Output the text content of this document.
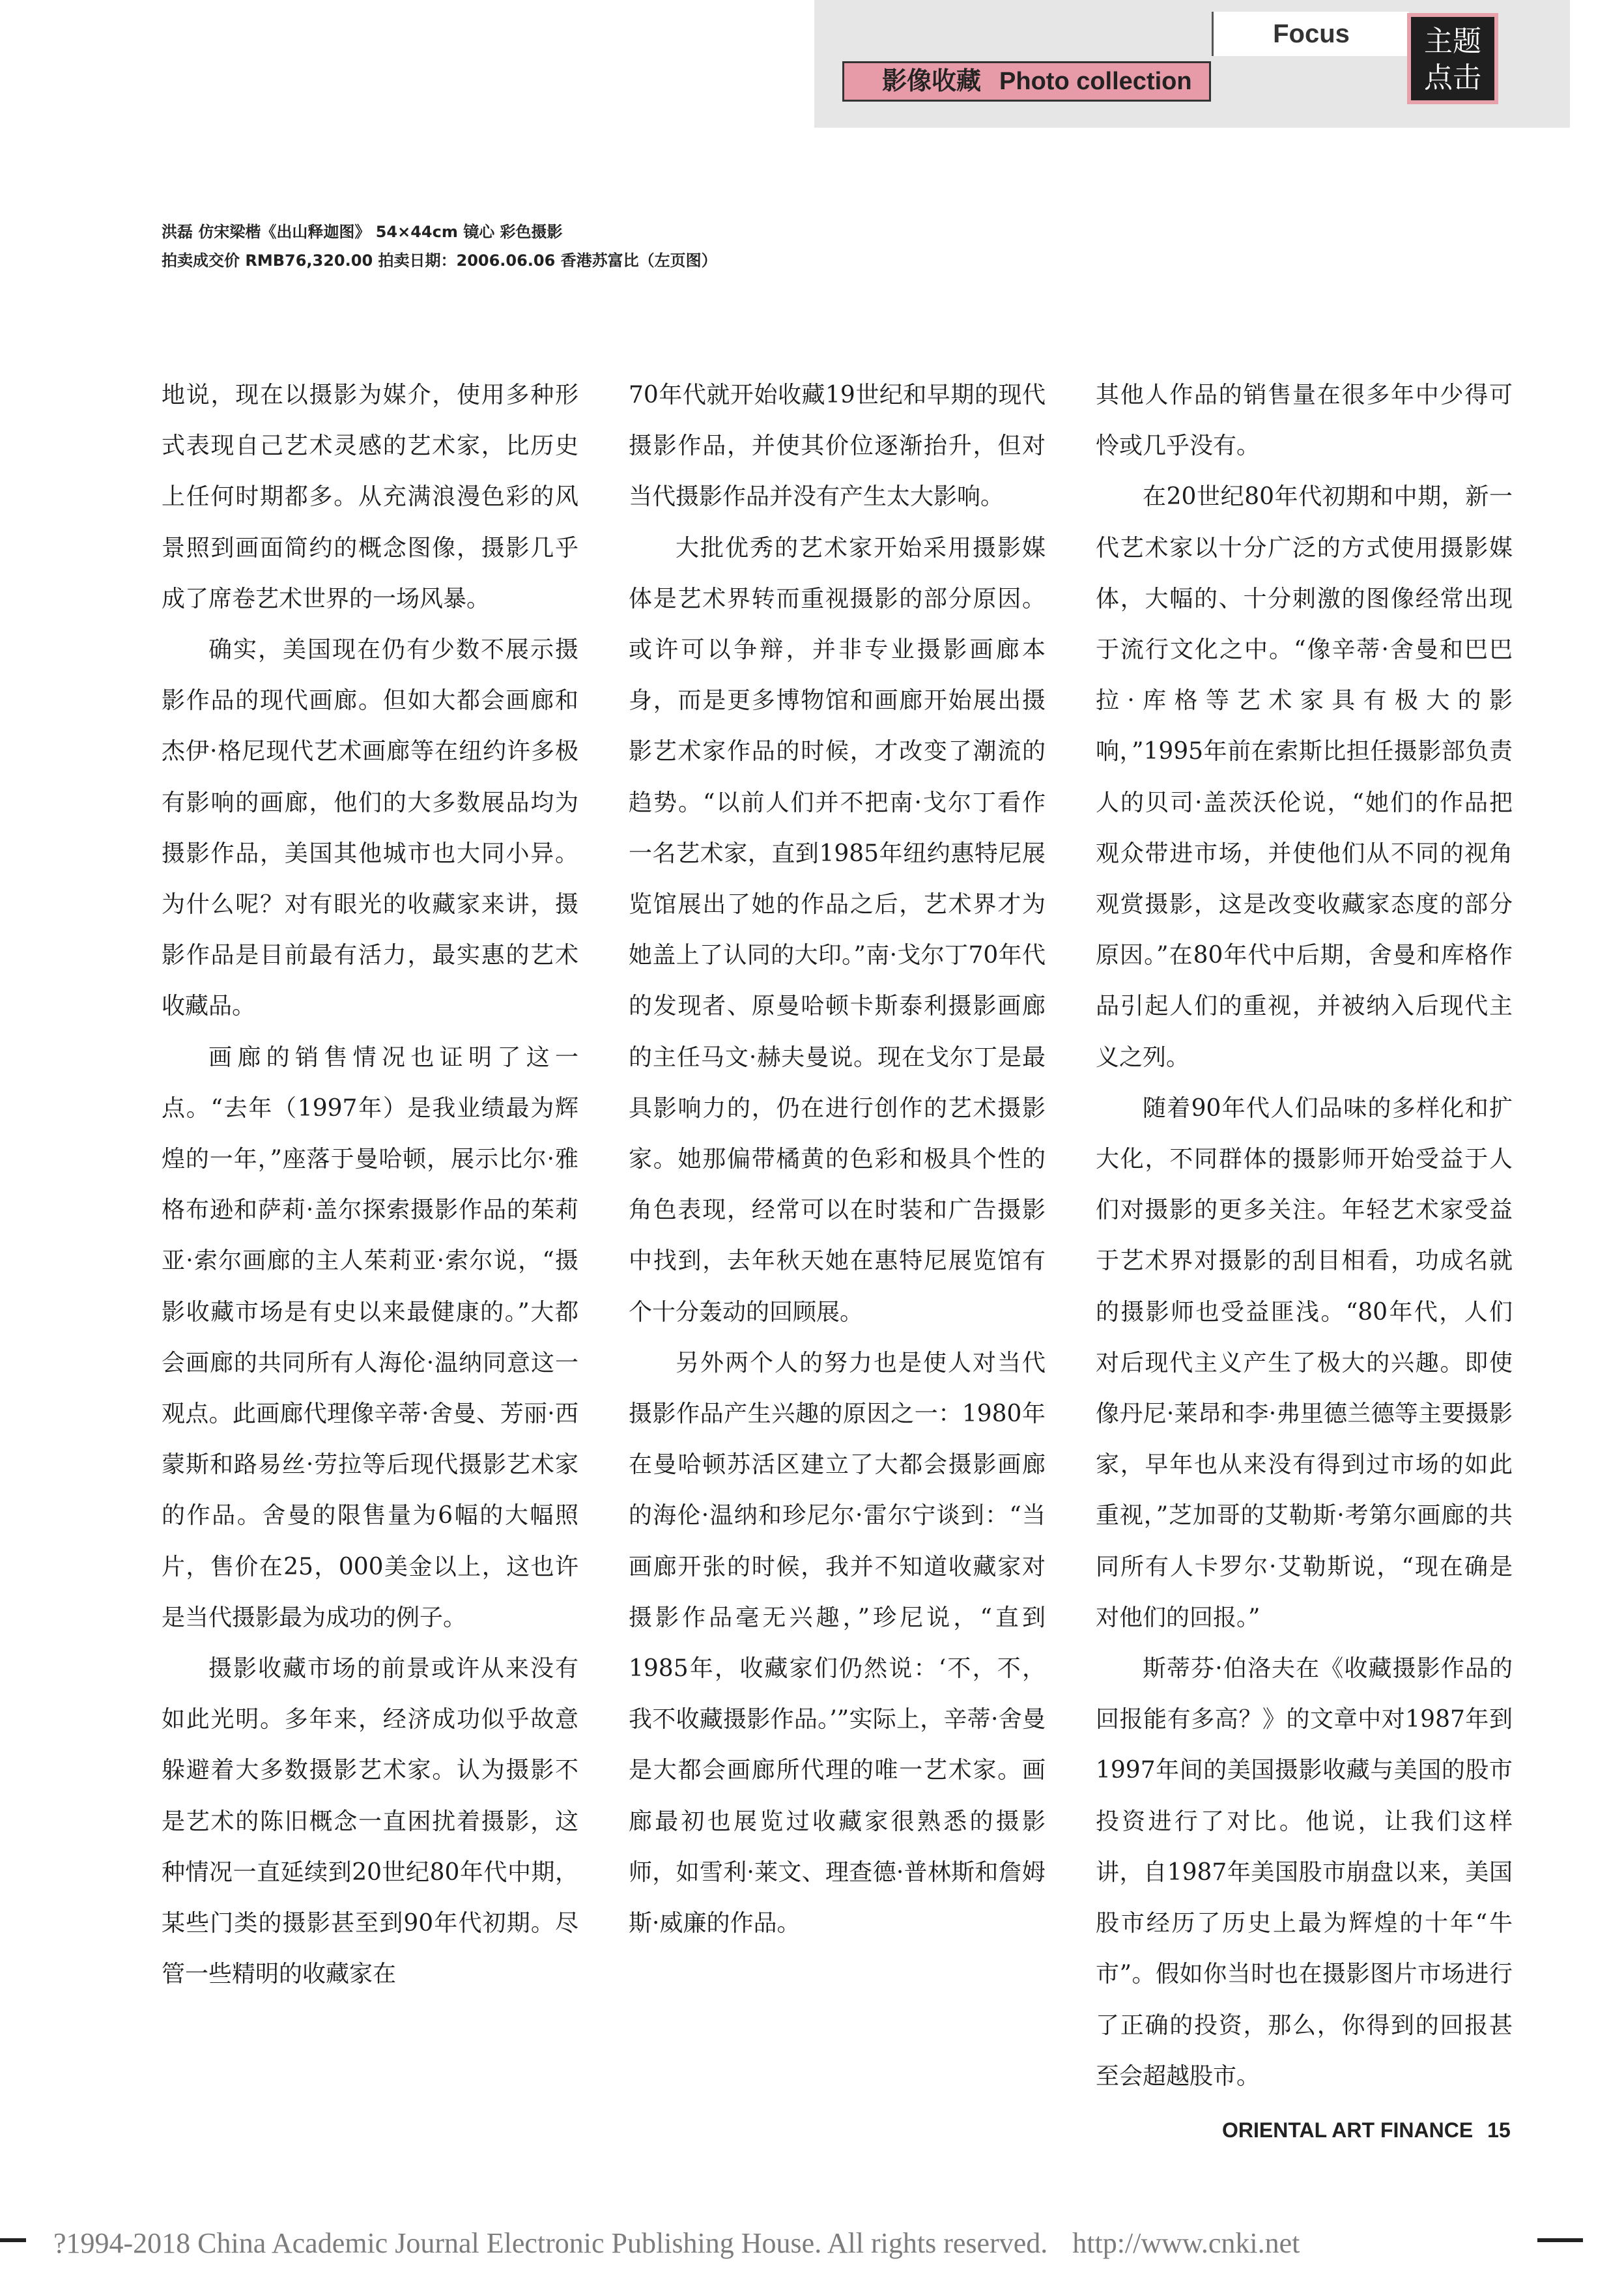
Focus
影像收藏 Photo collection
主题
点击
洪磊 仿宋梁楷《出山释迦图》 54×44cm 镜心 彩色摄影
拍卖成交价 RMB76,320.00 拍卖日期：2006.06.06 香港苏富比（左页图）

地说，现在以摄影为媒介，使用多种形式表现自己艺术灵感的艺术家，比历史上任何时期都多。从充满浪漫色彩的风景照到画面简约的概念图像，摄影几乎成了席卷艺术世界的一场风暴。

确实，美国现在仍有少数不展示摄影作品的现代画廊。但如大都会画廊和杰伊·格尼现代艺术画廊等在纽约许多极有影响的画廊，他们的大多数展品均为摄影作品，美国其他城市也大同小异。为什么呢？对有眼光的收藏家来讲，摄影作品是目前最有活力，最实惠的艺术收藏品。

画廊的销售情况也证明了这一点。“去年（1997年）是我业绩最为辉煌的一年，”座落于曼哈顿，展示比尔·雅格布逊和萨莉·盖尔探索摄影作品的茱莉亚·索尔画廊的主人茱莉亚·索尔说，“摄影收藏市场是有史以来最健康的。”大都会画廊的共同所有人海伦·温纳同意这一观点。此画廊代理像辛蒂·舍曼、芳丽·西蒙斯和路易丝·劳拉等后现代摄影艺术家的作品。舍曼的限售量为6幅的大幅照片，售价在25，000美金以上，这也许是当代摄影最为成功的例子。

摄影收藏市场的前景或许从来没有如此光明。多年来，经济成功似乎故意躲避着大多数摄影艺术家。认为摄影不是艺术的陈旧概念一直困扰着摄影，这种情况一直延续到20世纪80年代中期，某些门类的摄影甚至到90年代初期。尽管一些精明的收藏家在

70年代就开始收藏19世纪和早期的现代摄影作品，并使其价位逐渐抬升，但对当代摄影作品并没有产生太大影响。

大批优秀的艺术家开始采用摄影媒体是艺术界转而重视摄影的部分原因。或许可以争辩，并非专业摄影画廊本身，而是更多博物馆和画廊开始展出摄影艺术家作品的时候，才改变了潮流的趋势。“以前人们并不把南·戈尔丁看作一名艺术家，直到1985年纽约惠特尼展览馆展出了她的作品之后，艺术界才为她盖上了认同的大印。”南·戈尔丁70年代的发现者、原曼哈顿卡斯泰利摄影画廊的主任马文·赫夫曼说。现在戈尔丁是最具影响力的，仍在进行创作的艺术摄影家。她那偏带橘黄的色彩和极具个性的角色表现，经常可以在时装和广告摄影中找到，去年秋天她在惠特尼展览馆有个十分轰动的回顾展。

另外两个人的努力也是使人对当代摄影作品产生兴趣的原因之一：1980年在曼哈顿苏活区建立了大都会摄影画廊的海伦·温纳和珍尼尔·雷尔宁谈到：“当画廊开张的时候，我并不知道收藏家对摄影作品毫无兴趣，”珍尼说，“直到1985年，收藏家们仍然说：‘不，不，我不收藏摄影作品。’”实际上，辛蒂·舍曼是大都会画廊所代理的唯一艺术家。画廊最初也展览过收藏家很熟悉的摄影师，如雪利·莱文、理查德·普林斯和詹姆斯·威廉的作品。

其他人作品的销售量在很多年中少得可怜或几乎没有。

在20世纪80年代初期和中期，新一代艺术家以十分广泛的方式使用摄影媒体，大幅的、十分刺激的图像经常出现于流行文化之中。“像辛蒂·舍曼和巴巴拉·库格等艺术家具有极大的影响，”1995年前在索斯比担任摄影部负责人的贝司·盖茨沃伦说，“她们的作品把观众带进市场，并使他们从不同的视角观赏摄影，这是改变收藏家态度的部分原因。”在80年代中后期，舍曼和库格作品引起人们的重视，并被纳入后现代主义之列。

随着90年代人们品味的多样化和扩大化，不同群体的摄影师开始受益于人们对摄影的更多关注。年轻艺术家受益于艺术界对摄影的刮目相看，功成名就的摄影师也受益匪浅。“80年代，人们对后现代主义产生了极大的兴趣。即使像丹尼·莱昂和李·弗里德兰德等主要摄影家，早年也从来没有得到过市场的如此重视，”芝加哥的艾勒斯·考第尔画廊的共同所有人卡罗尔·艾勒斯说，“现在确是对他们的回报。”

斯蒂芬·伯洛夫在《收藏摄影作品的回报能有多高？》的文章中对1987年到1997年间的美国摄影收藏与美国的股市投资进行了对比。他说，让我们这样讲，自1987年美国股市崩盘以来，美国股市经历了历史上最为辉煌的十年“牛市”。假如你当时也在摄影图片市场进行了正确的投资，那么，你得到的回报甚至会超越股市。

ORIENTAL ART FINANCE 15
?1994-2018 China Academic Journal Electronic Publishing House. All rights reserved. http://www.cnki.net
